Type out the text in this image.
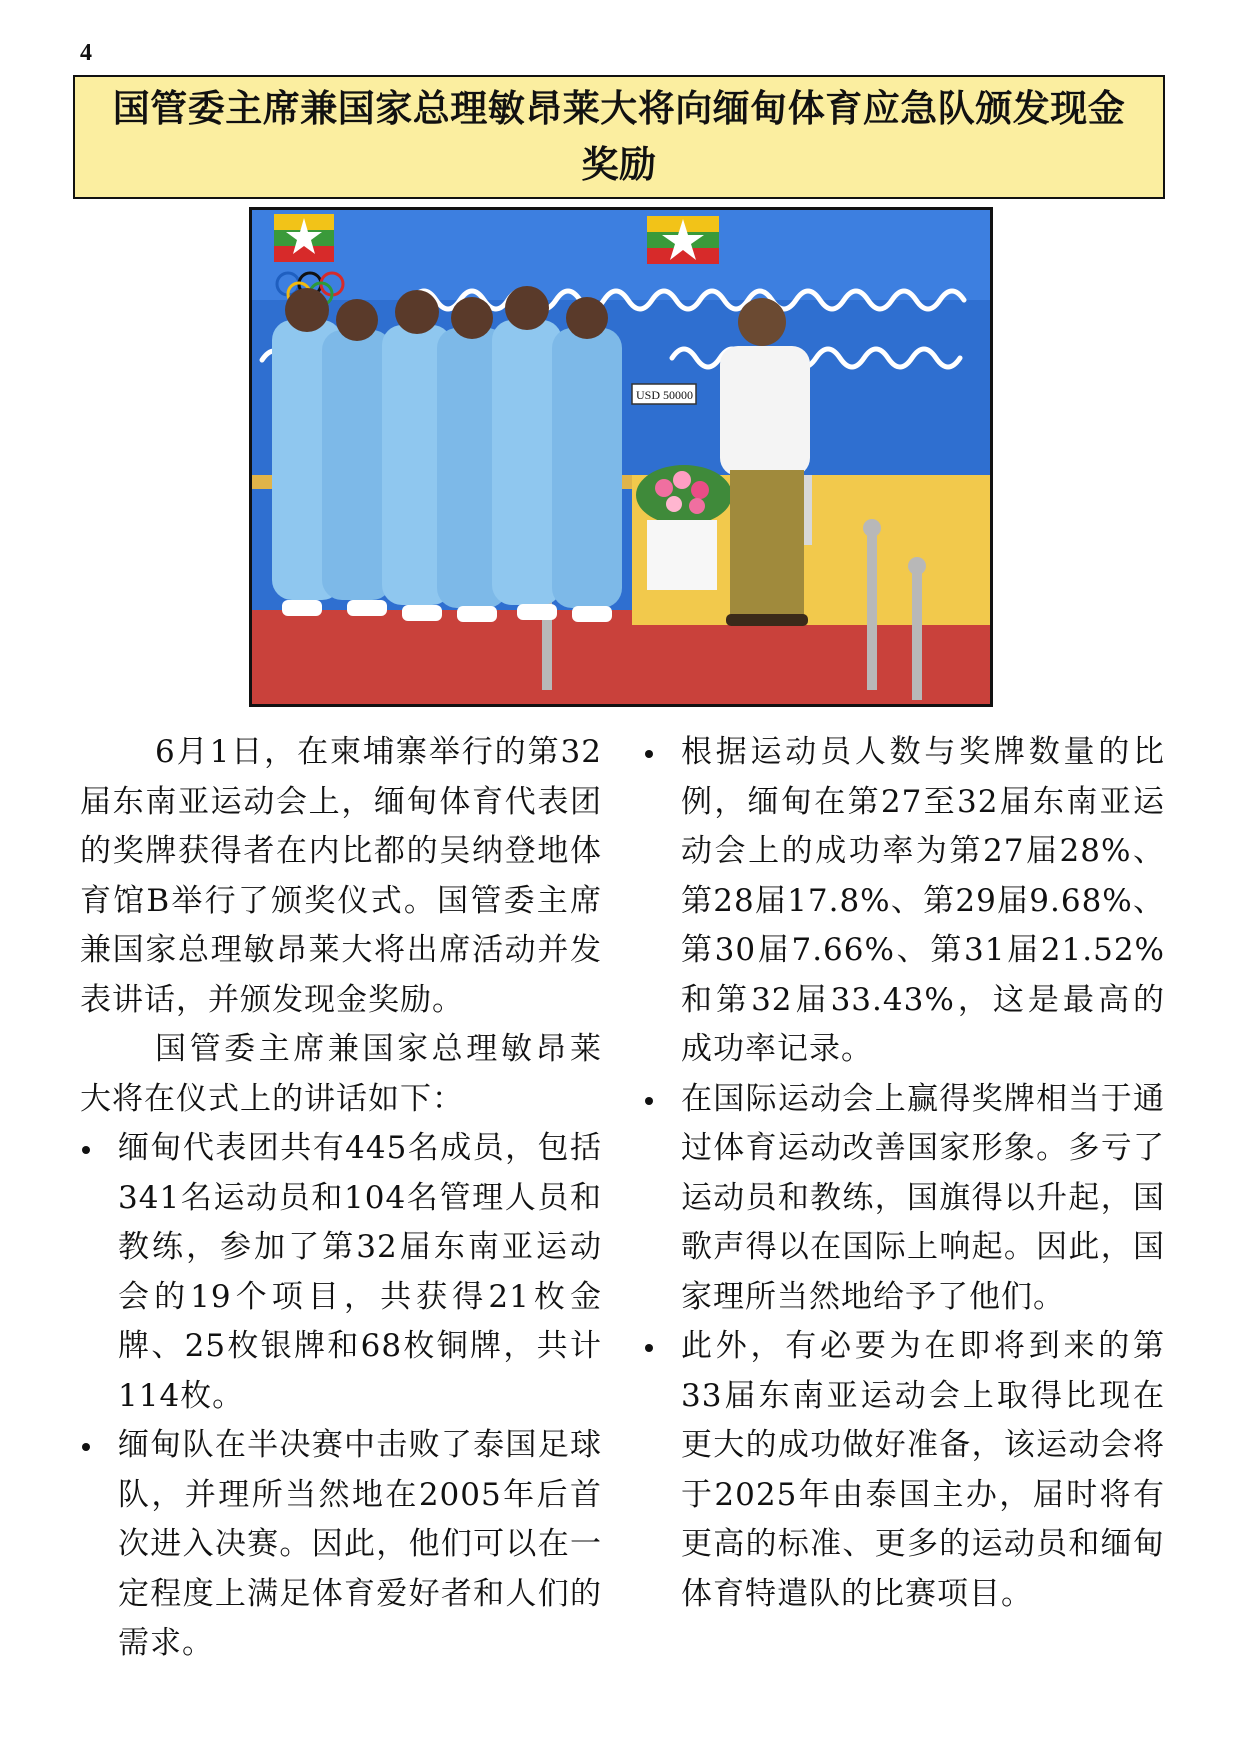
4
国管委主席兼国家总理敏昂莱大将向缅甸体育应急队颁发现金奖励
USD 50000

6月1日，在柬埔寨举行的第32届东南亚运动会上，缅甸体育代表团的奖牌获得者在内比都的吴纳登地体育馆B举行了颁奖仪式。国管委主席兼国家总理敏昂莱大将出席活动并发表讲话，并颁发现金奖励。

国管委主席兼国家总理敏昂莱大将在仪式上的讲话如下：

缅甸代表团共有445名成员，包括341名运动员和104名管理人员和教练，参加了第32届东南亚运动会的19个项目，共获得21枚金牌、25枚银牌和68枚铜牌，共计114枚。
缅甸队在半决赛中击败了泰国足球队，并理所当然地在2005年后首次进入决赛。因此，他们可以在一定程度上满足体育爱好者和人们的需求。
根据运动员人数与奖牌数量的比例，缅甸在第27至32届东南亚运动会上的成功率为第27届28%、第28届17.8%、第29届9.68%、第30届7.66%、第31届21.52%和第32届33.43%，这是最高的成功率记录。
在国际运动会上赢得奖牌相当于通过体育运动改善国家形象。多亏了运动员和教练，国旗得以升起，国歌声得以在国际上响起。因此，国家理所当然地给予了他们。
此外，有必要为在即将到来的第33届东南亚运动会上取得比现在更大的成功做好准备，该运动会将于2025年由泰国主办，届时将有更高的标准、更多的运动员和缅甸体育特遣队的比赛项目。
